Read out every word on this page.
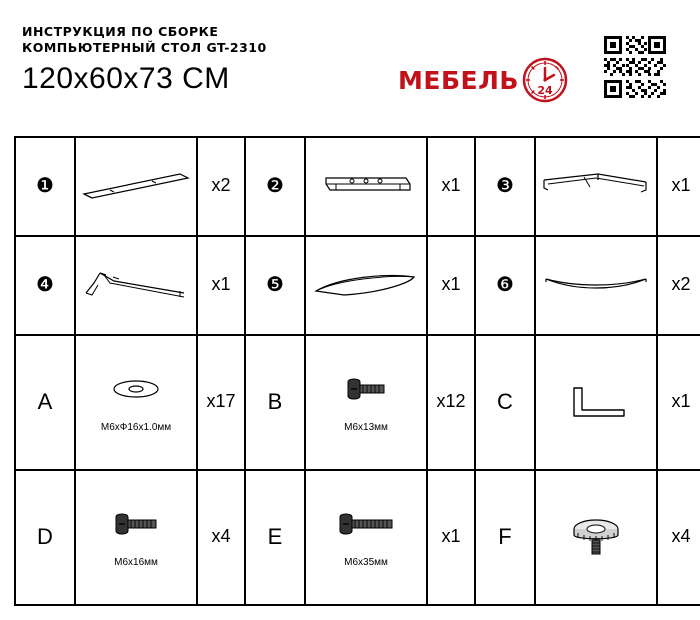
ИНСТРУКЦИЯ ПО СБОРКЕ
КОМПЬЮТЕРНЫЙ СТОЛ GT-2310
120x60x73 CM	МЕБЕЛЬ 24
❶		x2	❷		x1	❸		x1
❹		x1	❺		x1	❻		x2
A	M6xФ16x1.0мм	x17	B	M6x13мм	x12	C		x1
D	M6x16мм	x4	E	M6x35мм	x1	F		x4
